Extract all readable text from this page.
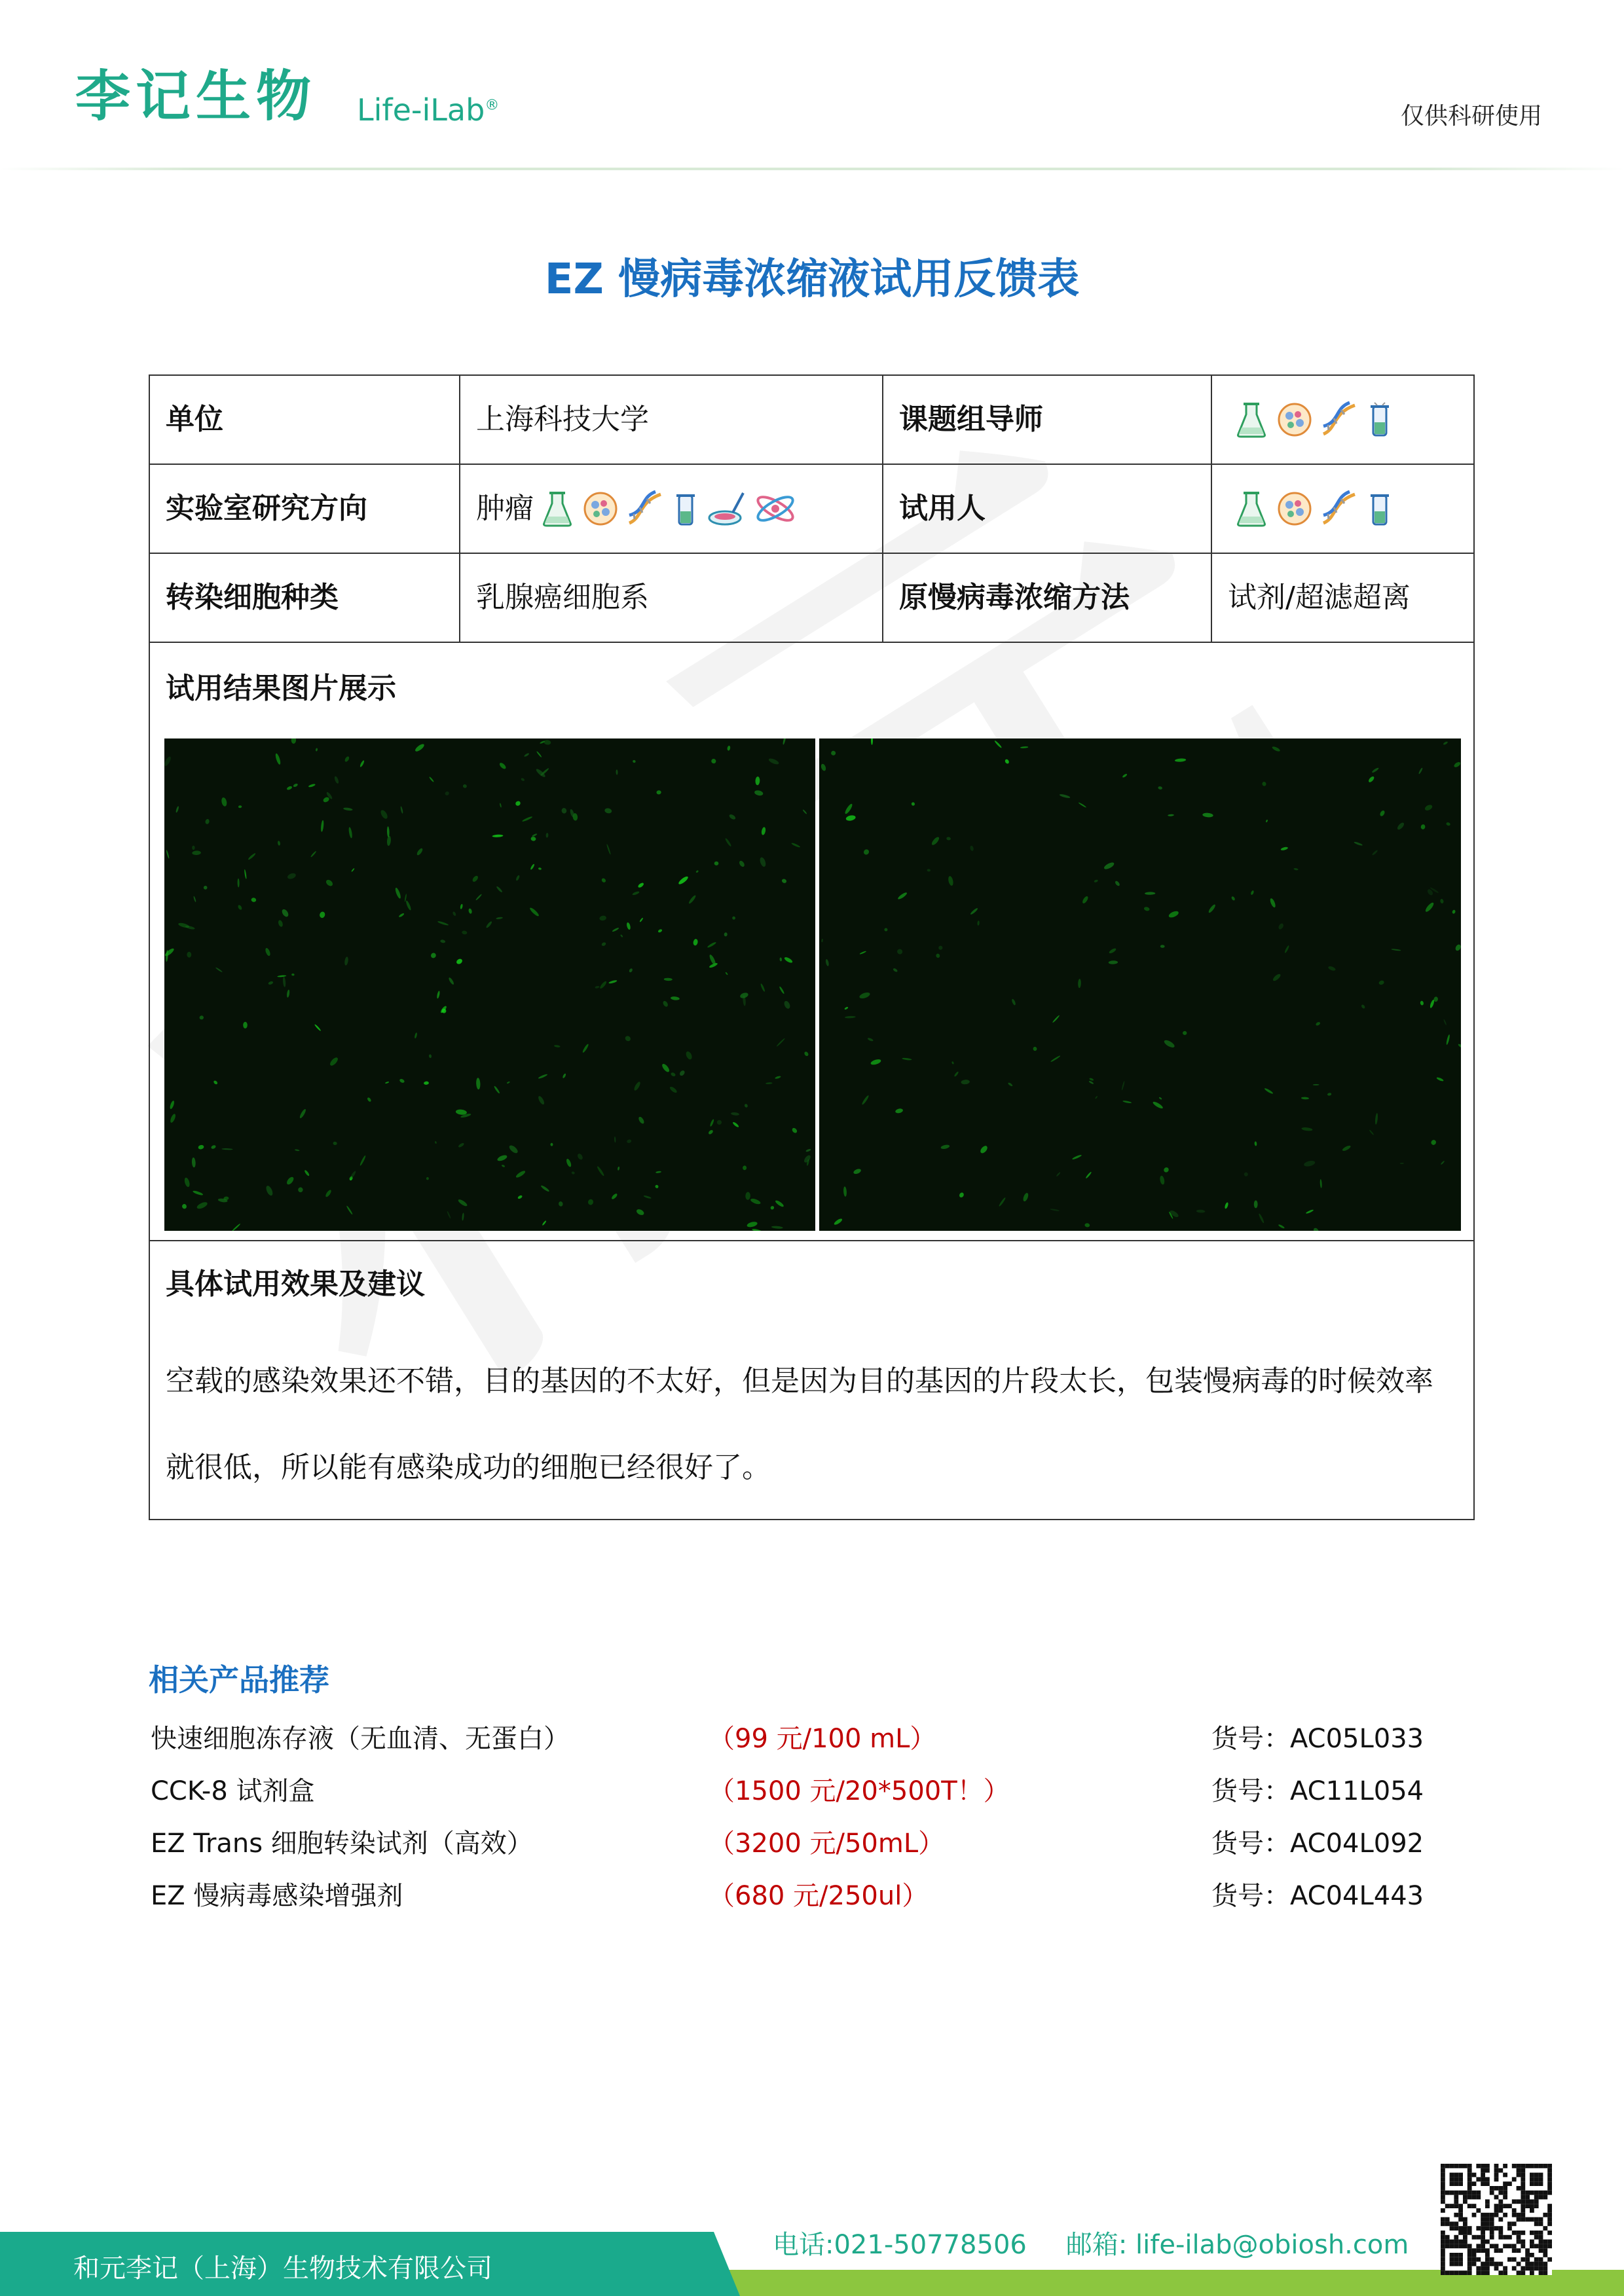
李记生物 Life-iLab®	仅供科研使用
EZ 慢病毒浓缩液试用反馈表
单位	上海科技大学	课题组导师
实验室研究方向	肿瘤	试用人
转染细胞种类	乳腺癌细胞系	原慢病毒浓缩方法	试剂/超滤超离
试用结果图片展示
具体试用效果及建议
空载的感染效果还不错，目的基因的不太好，但是因为目的基因的片段太长，包装慢病毒的时候效率就很低，所以能有感染成功的细胞已经很好了。
相关产品推荐
快速细胞冻存液（无血清、无蛋白）	（99 元/100 mL）	货号：AC05L033
CCK-8 试剂盒	（1500 元/20*500T！）	货号：AC11L054
EZ Trans 细胞转染试剂（高效）	（3200 元/50mL）	货号：AC04L092
EZ 慢病毒感染增强剂	（680 元/250ul）	货号：AC04L443
和元李记（上海）生物技术有限公司
电话:021-50778506 邮箱: life-ilab@obiosh.com
